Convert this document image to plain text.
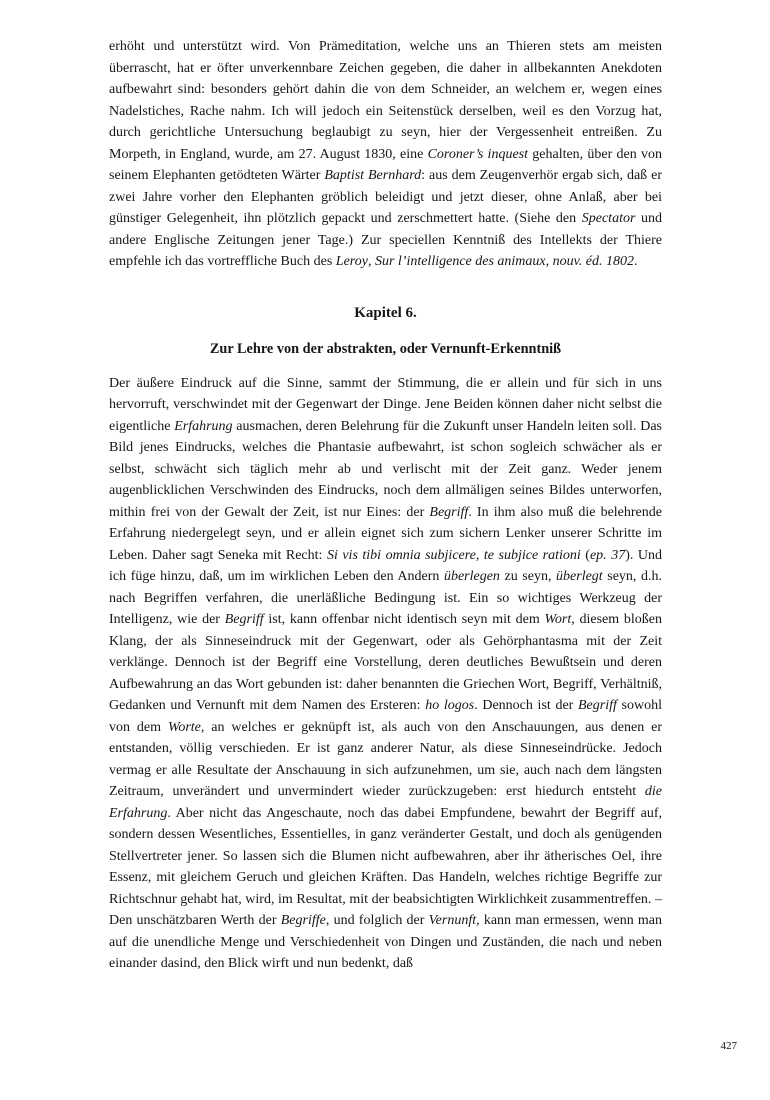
erhöht und unterstützt wird. Von Prämeditation, welche uns an Thieren stets am meisten überrascht, hat er öfter unverkennbare Zeichen gegeben, die daher in allbekannten Anekdoten aufbewahrt sind: besonders gehört dahin die von dem Schneider, an welchem er, wegen eines Nadelstiches, Rache nahm. Ich will jedoch ein Seitenstück derselben, weil es den Vorzug hat, durch gerichtliche Untersuchung beglaubigt zu seyn, hier der Vergessenheit entreißen. Zu Morpeth, in England, wurde, am 27. August 1830, eine Coroner’s inquest gehalten, über den von seinem Elephanten getödteten Wärter Baptist Bernhard: aus dem Zeugenverhör ergab sich, daß er zwei Jahre vorher den Elephanten gröblich beleidigt und jetzt dieser, ohne Anlaß, aber bei günstiger Gelegenheit, ihn plötzlich gepackt und zerschmettert hatte. (Siehe den Spectator und andere Englische Zeitungen jener Tage.) Zur speciellen Kenntniß des Intellekts der Thiere empfehle ich das vortreffliche Buch des Leroy, Sur l’intelligence des animaux, nouv. éd. 1802.

Kapitel 6.
Zur Lehre von der abstrakten, oder Vernunft-Erkenntniß

Der äußere Eindruck auf die Sinne, sammt der Stimmung, die er allein und für sich in uns hervorruft, verschwindet mit der Gegenwart der Dinge. Jene Beiden können daher nicht selbst die eigentliche Erfahrung ausmachen, deren Belehrung für die Zukunft unser Handeln leiten soll. Das Bild jenes Eindrucks, welches die Phantasie aufbewahrt, ist schon sogleich schwächer als er selbst, schwächt sich täglich mehr ab und verlischt mit der Zeit ganz. Weder jenem augenblicklichen Verschwinden des Eindrucks, noch dem allmäligen seines Bildes unterworfen, mithin frei von der Gewalt der Zeit, ist nur Eines: der Begriff. In ihm also muß die belehrende Erfahrung niedergelegt seyn, und er allein eignet sich zum sichern Lenker unserer Schritte im Leben. Daher sagt Seneka mit Recht: Si vis tibi omnia subjicere, te subjice rationi (ep. 37). Und ich füge hinzu, daß, um im wirklichen Leben den Andern überlegen zu seyn, überlegt seyn, d.h. nach Begriffen verfahren, die unerläßliche Bedingung ist. Ein so wichtiges Werkzeug der Intelligenz, wie der Begriff ist, kann offenbar nicht identisch seyn mit dem Wort, diesem bloßen Klang, der als Sinneseindruck mit der Gegenwart, oder als Gehörphantasma mit der Zeit verklänge. Dennoch ist der Begriff eine Vorstellung, deren deutliches Bewußtsein und deren Aufbewahrung an das Wort gebunden ist: daher benannten die Griechen Wort, Begriff, Verhältniß, Gedanken und Vernunft mit dem Namen des Ersteren: ho logos. Dennoch ist der Begriff sowohl von dem Worte, an welches er geknüpft ist, als auch von den Anschauungen, aus denen er entstanden, völlig verschieden. Er ist ganz anderer Natur, als diese Sinneseindrücke. Jedoch vermag er alle Resultate der Anschauung in sich aufzunehmen, um sie, auch nach dem längsten Zeitraum, unverändert und unvermindert wieder zurückzugeben: erst hiedurch entsteht die Erfahrung. Aber nicht das Angeschaute, noch das dabei Empfundene, bewahrt der Begriff auf, sondern dessen Wesentliches, Essentielles, in ganz veränderter Gestalt, und doch als genügenden Stellvertreter jener. So lassen sich die Blumen nicht aufbewahren, aber ihr ätherisches Oel, ihre Essenz, mit gleichem Geruch und gleichen Kräften. Das Handeln, welches richtige Begriffe zur Richtschnur gehabt hat, wird, im Resultat, mit der beabsichtigten Wirklichkeit zusammentreffen. – Den unschätzbaren Werth der Begriffe, und folglich der Vernunft, kann man ermessen, wenn man auf die unendliche Menge und Verschiedenheit von Dingen und Zuständen, die nach und neben einander dasind, den Blick wirft und nun bedenkt, daß

427
